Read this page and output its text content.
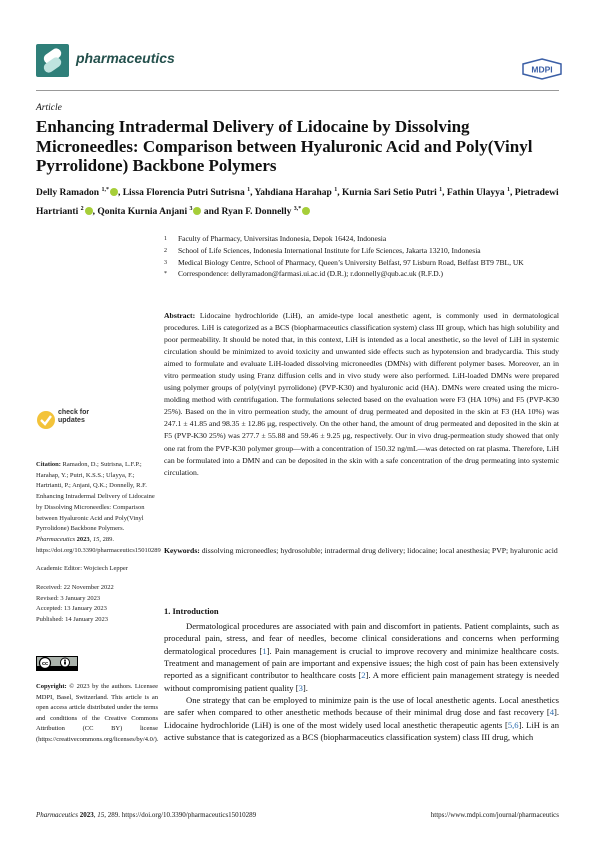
pharmaceutics
MDPI
Article
Enhancing Intradermal Delivery of Lidocaine by Dissolving Microneedles: Comparison between Hyaluronic Acid and Poly(Vinyl Pyrrolidone) Backbone Polymers
Delly Ramadon $^{1,*}$ , Lissa Florencia Putri Sutrisna $^1$, Yahdiana Harahap $^1$, Kurnia Sari Setio Putri $^1$, Fathin Ulayya $^1$, Pietradewi Hartrianti $^2$ , Qonita Kurnia Anjani $^3$ and Ryan F. Donnelly $^{3,*}$
1	Faculty of Pharmacy, Universitas Indonesia, Depok 16424, Indonesia
2	School of Life Sciences, Indonesia International Institute for Life Sciences, Jakarta 13210, Indonesia
3	Medical Biology Centre, School of Pharmacy, Queen’s University Belfast, 97 Lisburn Road, Belfast BT9 7BL, UK
*	Correspondence: dellyramadon@farmasi.ui.ac.id (D.R.); r.donnelly@qub.ac.uk (R.F.D.)
Abstract: Lidocaine hydrochloride (LiH), an amide-type local anesthetic agent, is commonly used in dermatological procedures. LiH is categorized as a BCS (biopharmaceutics classification system) class III group, which has high solubility and poor permeability. It should be noted that, in this context, LiH is intended as a local anesthetic, so the level of LiH in systemic circulation should be minimized to avoid toxicity and unwanted side effects such as hypotension and bradycardia. This study aimed to formulate and evaluate LiH-loaded dissolving microneedles (DMNs) with different polymer bases. Moreover, an in vitro permeation study using Franz diffusion cells and in vivo study were also performed. LiH-loaded DMNs were prepared using polymer groups of poly(vinyl pyrrolidone) (PVP-K30) and hyaluronic acid (HA). DMNs were created using the micro-molding method with centrifugation. The formulations selected based on the evaluation were F3 (HA 10%) and F5 (PVP-K30 25%). Based on the in vitro permeation study, the amount of drug permeated and deposited in the skin at F3 (HA 10%) was 247.1 ± 41.85 and 98.35 ± 12.86 μg, respectively. On the other hand, the amount of drug permeated and deposited in the skin at F5 (PVP-K30 25%) was 277.7 ± 55.88 and 59.46 ± 9.25 μg, respectively. Our in vivo drug-permeation study showed that only one rat from the PVP-K30 polymer group—with a concentration of 150.32 ng/mL—was detected on rat plasma. Therefore, LiH can be formulated into a DMN and can be deposited in the skin with a safe concentration of the drug permeating into systemic circulation.
Keywords: dissolving microneedles; hydrosoluble; intradermal drug delivery; lidocaine; local anesthesia; PVP; hyaluronic acid
check for
updates
Citation: Ramadon, D.; Sutrisna, L.F.P.; Harahap, Y.; Putri, K.S.S.; Ulayya, F.; Hartrianti, P.; Anjani, Q.K.; Donnelly, R.F. Enhancing Intradermal Delivery of Lidocaine by Dissolving Microneedles: Comparison between Hyaluronic Acid and Poly(Vinyl Pyrrolidone) Backbone Polymers. Pharmaceutics 2023, 15, 289. https://doi.org/10.3390/pharmaceutics15010289
Academic Editor: Wojciech Lepper
Received: 22 November 2022
Revised: 3 January 2023
Accepted: 13 January 2023
Published: 14 January 2023
cc
Copyright: © 2023 by the authors. Licensee MDPI, Basel, Switzerland. This article is an open access article distributed under the terms and conditions of the Creative Commons Attribution (CC BY) license (https://creativecommons.org/licenses/by/4.0/).
1. Introduction

Dermatological procedures are associated with pain and discomfort in patients. Patient complaints, such as procedural pain, stress, and fear of needles, become clinical considerations and concerns when performing dermatological procedures [1]. Pain management is crucial to improve recovery and minimize healthcare costs. Treatment and management of pain are important and expensive issues; the high cost of pain has been extensively reported as a significant contributor to healthcare costs [2]. A more efficient pain management strategy is needed without compromising patient quality [3].

One strategy that can be employed to minimize pain is the use of local anesthetic agents. Local anesthetics are safer when compared to other anesthetic methods because of their minimal drug dose and fast recovery [4]. Lidocaine hydrochloride (LiH) is one of the most widely used local anesthetic therapeutic agents [5,6]. LiH is an active substance that is categorized as a BCS (biopharmaceutics classification system) class III drug, which

Pharmaceutics 2023, 15, 289. https://doi.org/10.3390/pharmaceutics15010289	https://www.mdpi.com/journal/pharmaceutics
